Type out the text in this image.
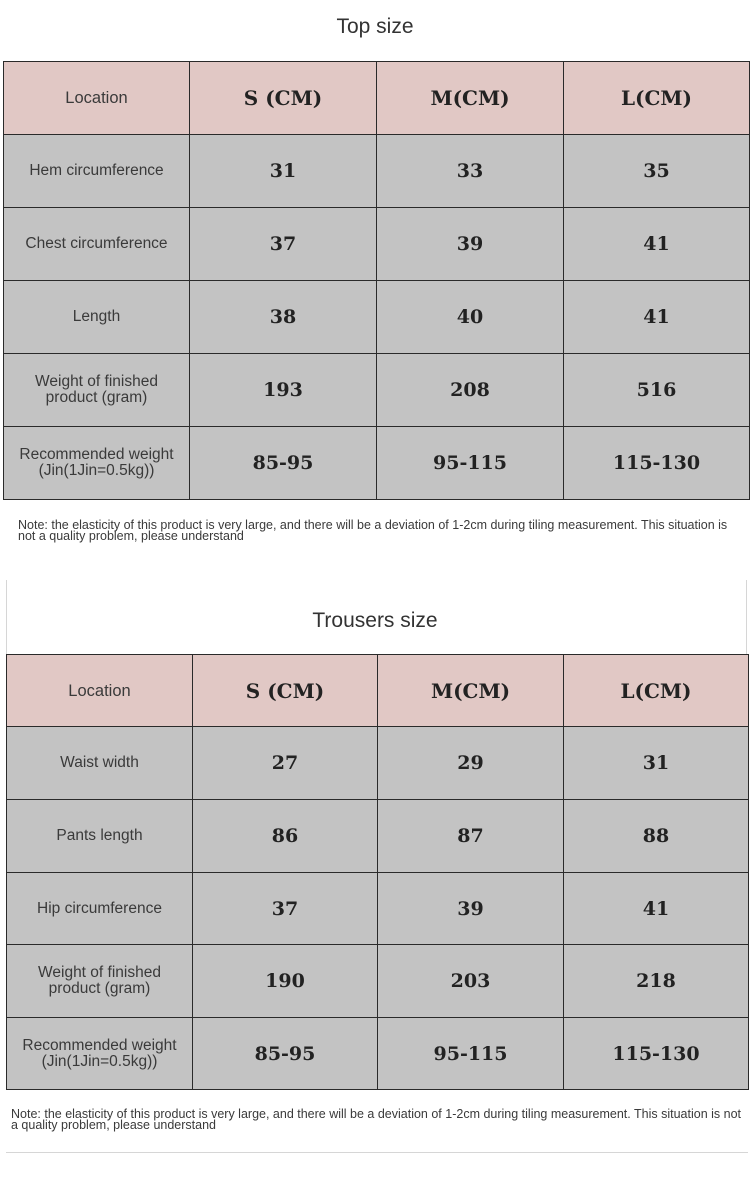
Top size
Location	S (CM)	M(CM)	L(CM)
Hem circumference	31	33	35
Chest circumference	37	39	41
Length	38	40	41
Weight of finished product (gram)	193	208	516
Recommended weight (Jin(1Jin=0.5kg))	85-95	95-115	115-130
Note: the elasticity of this product is very large, and there will be a deviation of 1-2cm during tiling measurement. This situation is not a quality problem, please understand
Trousers size
Location	S (CM)	M(CM)	L(CM)
Waist width	27	29	31
Pants length	86	87	88
Hip circumference	37	39	41
Weight of finished product (gram)	190	203	218
Recommended weight (Jin(1Jin=0.5kg))	85-95	95-115	115-130
Note: the elasticity of this product is very large, and there will be a deviation of 1-2cm during tiling measurement. This situation is not a quality problem, please understand
